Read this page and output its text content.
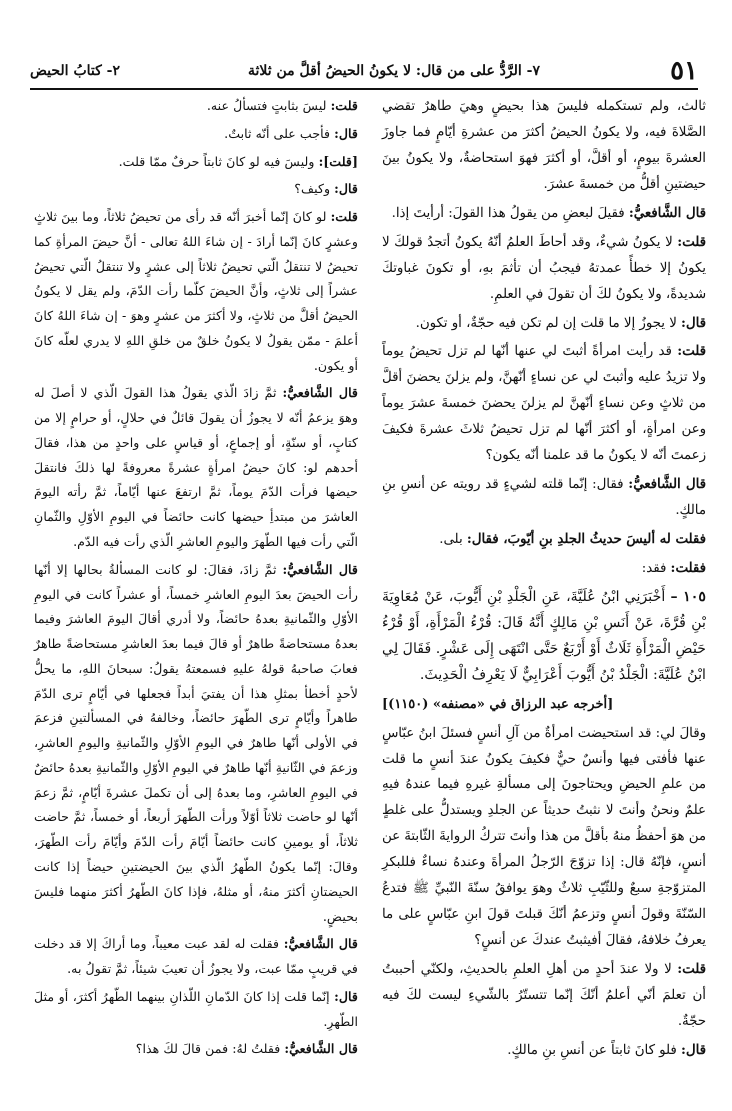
٥١
٧- الرَّدُّ على من قال: لا يكونُ الحيضُ أقلَّ من ثلاثة
٢- كتابُ الحيض

ثالث، ولم تستكمله فليسَ هذا بحيضٍ وهيَ طاهرٌ تقضي الصَّلاةَ فيه، ولا يكونُ الحيضُ أكثرَ من عشرةِ أيّامٍ فما جاوزَ العشرةَ بيومٍ، أو أقلَّ، أو أكثرَ فهوَ استحاضةٌ، ولا يكونُ بينَ حيضتينِ أقلُّ من خمسةَ عشرَ.

قال الشَّافعيُّ: فقيلَ لبعضِ من يقولُ هذا القولَ: أرأيتَ إذا.

قلت: لا يكونُ شيءٌ، وقد أحاطَ العلمُ أنّهُ يكونُ أتجدُ قولكَ لا يكونُ إلا خطأً عمدتهُ فيجبُ أن تأثمَ بهِ، أو تكونَ غباوتكَ شديدةً، ولا يكونُ لكَ أن تقولَ في العلمِ.

قال: لا يجوزُ إلا ما قلت إن لم تكن فيه حجّةٌ، أو تكون.

قلت: قد رأيت امرأةً أثبتَ لي عنها أنّها لم تزل تحيضُ يوماً ولا تزيدُ عليه وأثبتَ لي عن نساءٍ أنّهنَّ، ولم يزلنَ يحضنَ أقلَّ من ثلاثٍ وعن نساءٍ أنّهنَّ لم يزلنَ يحضنَ خمسةَ عشرَ يوماً وعن امرأةٍ، أو أكثرَ أنّها لم تزل تحيضُ ثلاثَ عشرةَ فكيفَ زعمتَ أنّه لا يكونُ ما قد علمنا أنّه يكون؟

قال الشَّافعيُّ: فقال: إنّما قلته لشيءٍ قد رويته عن أنسِ بنِ مالكٍ.

فقلت له أليسَ حديثُ الجلدِ بنِ أيّوبَ، فقال: بلى.

فقلت: فقد:

١٠٥ – أَخْبَرَنِي ابْنُ عُلَيَّةَ، عَنِ الْجَلْدِ بْنِ أَيُّوبَ، عَنْ مُعَاوِيَةَ بْنِ قُرَّةَ، عَنْ أَنَسِ بْنِ مَالِكٍ أَنَّهُ قَالَ: قُرْءُ الْمَرْأَةِ، أَوْ قُرْءُ حَيْضِ الْمَرْأَةِ ثَلَاثٌ أَوْ أَرْبَعٌ حَتَّى انْتَهَى إِلَى عَشْرٍ. فَقَالَ لِي ابْنُ عُلَيَّةَ: الْجَلْدُ بْنُ أَيُّوبَ أَعْرَابِيٌّ لَا يَعْرِفُ الْحَدِيثَ.

[أخرجه عبد الرزاق في «مصنفه» (١١٥٠)]

وقالَ لي: قد استحيضت امرأةٌ من آلِ أنسٍ فسئلَ ابنُ عبّاسٍ عنها فأفتى فيها وأنسٌ حيٌّ فكيفَ يكونُ عندَ أنسٍ ما قلت من علمِ الحيضِ ويحتاجونَ إلى مسألةِ غيرهِ فيما عندهُ فيهِ علمٌ ونحنُ وأنتَ لا نثبتُ حديثاً عن الجلدِ ويستدلُّ على غلطٍ من هوَ أحفظُ منهُ بأقلَّ من هذا وأنتَ تتركُ الروايةَ الثّابتةَ عن أنسٍ، فإنّهُ قال: إذا تزوّجَ الرّجلُ المرأةَ وعندهُ نساءٌ فللبكرِ المتزوّجةِ سبعٌ وللثّيّبِ ثلاثٌ وهوَ يوافقُ سنّةَ النّبيِّ ﷺ فتدعُ السّنّةَ وقولَ أنسٍ وتزعمُ أنّكَ قبلتَ قولَ ابنِ عبّاسٍ على ما يعرفُ خلافهُ، فقالَ أفيثبتُ عندكَ عن أنسٍ؟

قلت: لا ولا عندَ أحدٍ من أهلِ العلمِ بالحديثِ، ولكنّي أحببتُ أن تعلمَ أنّي أعلمُ أنّكَ إنّما تتستّرُ بالشّيءِ ليست لكَ فيه حجّةٌ.

قال: فلو كانَ ثابتاً عن أنسِ بنِ مالكٍ.

قلت: ليسَ بثابتٍ فتسألُ عنه.

قال: فأجب على أنّه ثابتٌ.

[قلت]: وليسَ فيه لو كانَ ثابتاً حرفٌ ممّا قلت.

قال: وكيف؟

قلت: لو كانَ إنّما أخبرَ أنّه قد رأى من تحيضُ ثلاثاً، وما بينَ ثلاثٍ وعشرٍ كانَ إنّما أرادَ - إن شاءَ اللهُ تعالى - أنَّ حيضَ المرأةِ كما تحيضُ لا تنتقلُ الّتي تحيضُ ثلاثاً إلى عشرٍ ولا تنتقلُ الّتي تحيضُ عشراً إلى ثلاثٍ، وأنَّ الحيضَ كلّما رأت الدّمَ، ولم يقل لا يكونُ الحيضُ أقلَّ من ثلاثٍ، ولا أكثرَ من عشرٍ وهوَ - إن شاءَ اللهُ كانَ أعلمَ - ممّن يقولُ لا يكونُ خلقٌ من خلقِ اللهِ لا يدري لعلّه كانَ أو يكون.

قال الشَّافعيُّ: ثمَّ زادَ الّذي يقولُ هذا القولَ الّذي لا أصلَ له وهوَ يزعمُ أنّه لا يجوزُ أن يقولَ قائلٌ في حلالٍ، أو حرامٍ إلا من كتابٍ، أو سنّةٍ، أو إجماعٍ، أو قياسٍ على واحدٍ من هذا، فقالَ أحدهم لو: كانَ حيضُ امرأةٍ عشرةً معروفةً لها ذلكَ فانتقلَ حيضها فرأت الدّمَ يوماً، ثمَّ ارتفعَ عنها أيّاماً، ثمَّ رأته اليومَ العاشرَ من مبتدأِ حيضها كانت حائضاً في اليومِ الأوّلِ والثّمانِ الّتي رأت فيها الطّهرَ واليومِ العاشرِ الّذي رأت فيه الدّم.

قال الشَّافعيُّ: ثمَّ زادَ، فقالَ: لو كانت المسألةُ بحالها إلا أنّها رأت الحيضَ بعدَ اليومِ العاشرِ خمساً، أو عشراً كانت في اليومِ الأوّلِ والثّمانيةِ بعدهُ حائضاً، ولا أدري أقالَ اليومَ العاشرَ وفيما بعدهُ مستحاضةً طاهرٌ أو قالَ فيما بعدَ العاشرِ مستحاضةً طاهرٌ فعابَ صاحبهُ قولهُ عليهِ فسمعتهُ يقولُ: سبحانَ اللهِ، ما يحلُّ لأحدٍ أخطأ بمثلِ هذا أن يفتيَ أبداً فجعلها في أيّامٍ ترى الدّمَ طاهراً وأيّامٍ ترى الطّهرَ حائضاً، وخالفهُ في المسألتينِ فزعمَ في الأولى أنّها طاهرٌ في اليومِ الأوّلِ والثّمانيةِ واليومِ العاشرِ، وزعمَ في الثّانيةِ أنّها طاهرٌ في اليومِ الأوّلِ والثّمانيةِ بعدهُ حائضٌ في اليومِ العاشرِ، وما بعدهُ إلى أن تكملَ عشرةَ أيّامٍ، ثمَّ زعمَ أنّها لو حاضت ثلاثاً أوّلاً ورأت الطّهرَ أربعاً، أو خمساً، ثمَّ حاضت ثلاثاً، أو يومينِ كانت حائضاً أيّامَ رأت الدّمَ وأيّامَ رأت الطّهرَ، وقالَ: إنّما يكونُ الطّهرُ الّذي بينَ الحيضتينِ حيضاً إذا كانت الحيضتانِ أكثرَ منهُ، أو مثلهُ، فإذا كانَ الطّهرُ أكثرَ منهما فليسَ بحيضٍ.

قال الشَّافعيُّ: فقلت له لقد عبت معيباً، وما أراكَ إلا قد دخلت في قريبٍ ممّا عبت، ولا يجوزُ أن تعيبَ شيئاً، ثمَّ تقولُ به.

قال: إنّما قلت إذا كانَ الدّمانِ اللّذانِ بينهما الطّهرُ أكثرَ، أو مثلَ الطّهرِ.

قال الشَّافعيُّ: فقلتُ لهُ: فمن قالَ لكَ هذا؟
